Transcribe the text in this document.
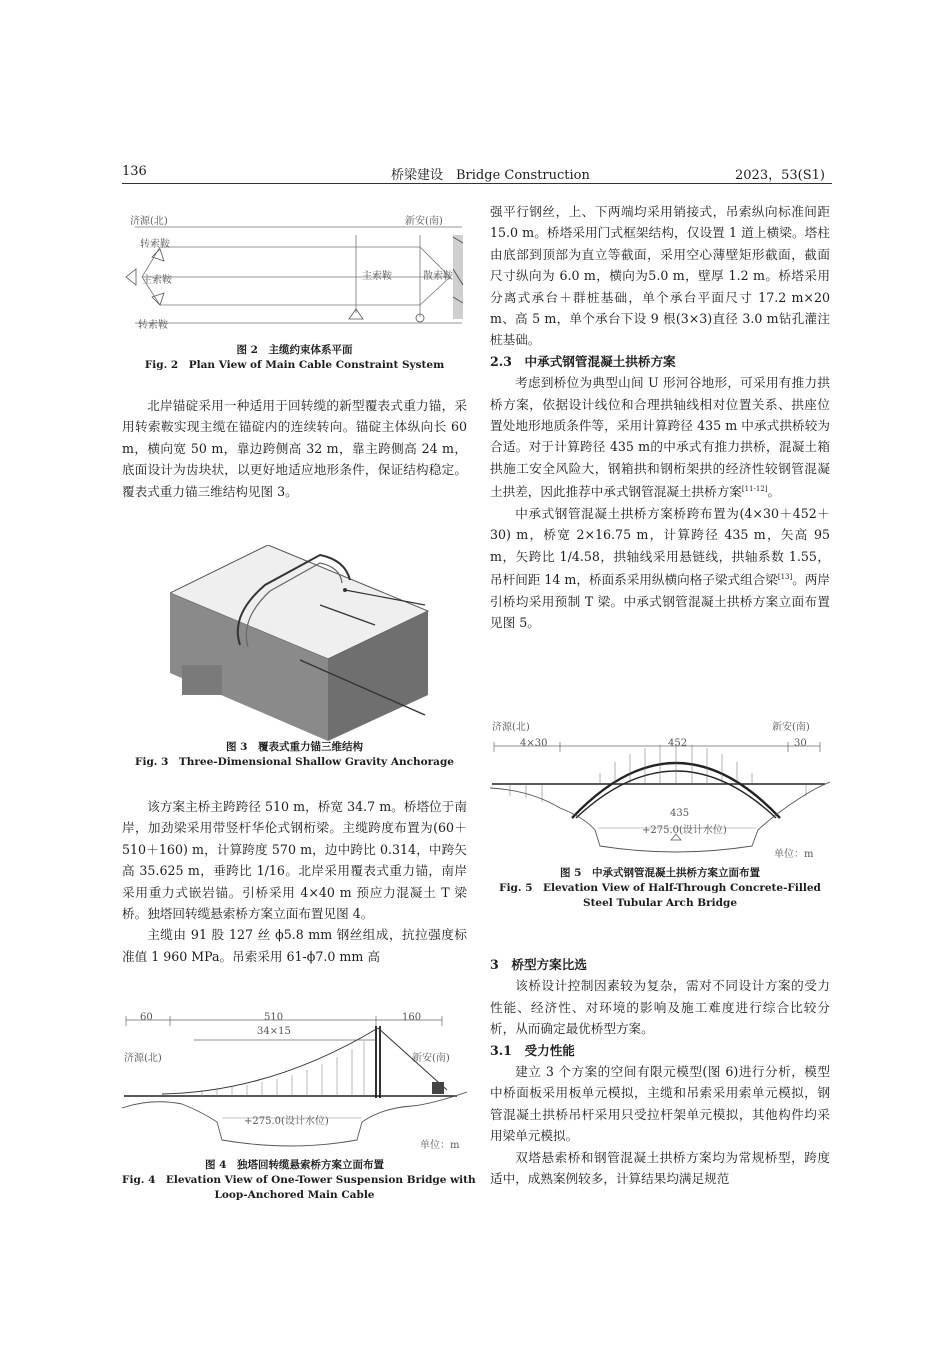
136	桥梁建设　Bridge Construction	2023，53(S1)
济源(北)	新安(南)
转索鞍
主索鞍	主索鞍	散索鞍
转索鞍
图 2　主缆约束体系平面
Fig. 2　Plan View of Main Cable Constraint System

北岸锚碇采用一种适用于回转缆的新型覆表式重力锚，采用转索鞍实现主缆在锚碇内的连续转向。锚碇主体纵向长 60 m，横向宽 50 m，靠边跨侧高 32 m，靠主跨侧高 24 m，底面设计为齿块状，以更好地适应地形条件，保证结构稳定。覆表式重力锚三维结构见图 3。

图 3　覆表式重力锚三维结构
Fig. 3　Three-Dimensional Shallow Gravity Anchorage

该方案主桥主跨跨径 510 m，桥宽 34.7 m。桥塔位于南岸，加劲梁采用带竖杆华伦式钢桁梁。主缆跨度布置为(60＋510＋160) m，计算跨度 570 m，边中跨比 0.314，中跨矢高 35.625 m，垂跨比 1/16。北岸采用覆表式重力锚，南岸采用重力式嵌岩锚。引桥采用 4×40 m 预应力混凝土 T 梁桥。独塔回转缆悬索桥方案立面布置见图 4。

主缆由 91 股 127 丝 ϕ5.8 mm 钢丝组成，抗拉强度标准值 1 960 MPa。吊索采用 61-ϕ7.0 mm 高

60	510
34×15
160
济源(北)	新安(南)
+275.0(设计水位)
单位：m
图 4　独塔回转缆悬索桥方案立面布置
Fig. 4　Elevation View of One-Tower Suspension Bridge with
Loop-Anchored Main Cable

强平行钢丝，上、下两端均采用销接式，吊索纵向标准间距 15.0 m。桥塔采用门式框架结构，仅设置 1 道上横梁。塔柱由底部到顶部为直立等截面，采用空心薄壁矩形截面，截面尺寸纵向为 6.0 m，横向为5.0 m，壁厚 1.2 m。桥塔采用分离式承台＋群桩基础，单个承台平面尺寸 17.2 m×20 m、高 5 m，单个承台下设 9 根(3×3)直径 3.0 m钻孔灌注桩基础。

2.3　中承式钢管混凝土拱桥方案

考虑到桥位为典型山间 U 形河谷地形，可采用有推力拱桥方案，依据设计线位和合理拱轴线相对位置关系、拱座位置处地形地质条件等，采用计算跨径 435 m 中承式拱桥较为合适。对于计算跨径 435 m的中承式有推力拱桥，混凝土箱拱施工安全风险大，钢箱拱和钢桁架拱的经济性较钢管混凝土拱差，因此推荐中承式钢管混凝土拱桥方案[11-12]。

中承式钢管混凝土拱桥方案桥跨布置为(4×30＋452＋30) m，桥宽 2×16.75 m，计算跨径 435 m，矢高 95 m，矢跨比 1/4.58，拱轴线采用悬链线，拱轴系数 1.55，吊杆间距 14 m，桥面系采用纵横向格子梁式组合梁[13]。两岸引桥均采用预制 T 梁。中承式钢管混凝土拱桥方案立面布置见图 5。

济源(北)	新安(南)
4×30	452	30
435
+275.0(设计水位)
单位：m
图 5　中承式钢管混凝土拱桥方案立面布置
Fig. 5　Elevation View of Half-Through Concrete-Filled
Steel Tubular Arch Bridge

3　桥型方案比选

该桥设计控制因素较为复杂，需对不同设计方案的受力性能、经济性、对环境的影响及施工难度进行综合比较分析，从而确定最优桥型方案。

3.1　受力性能

建立 3 个方案的空间有限元模型(图 6)进行分析，模型中桥面板采用板单元模拟，主缆和吊索采用索单元模拟，钢管混凝土拱桥吊杆采用只受拉杆架单元模拟，其他构件均采用梁单元模拟。

双塔悬索桥和钢管混凝土拱桥方案均为常规桥型，跨度适中，成熟案例较多，计算结果均满足规范
